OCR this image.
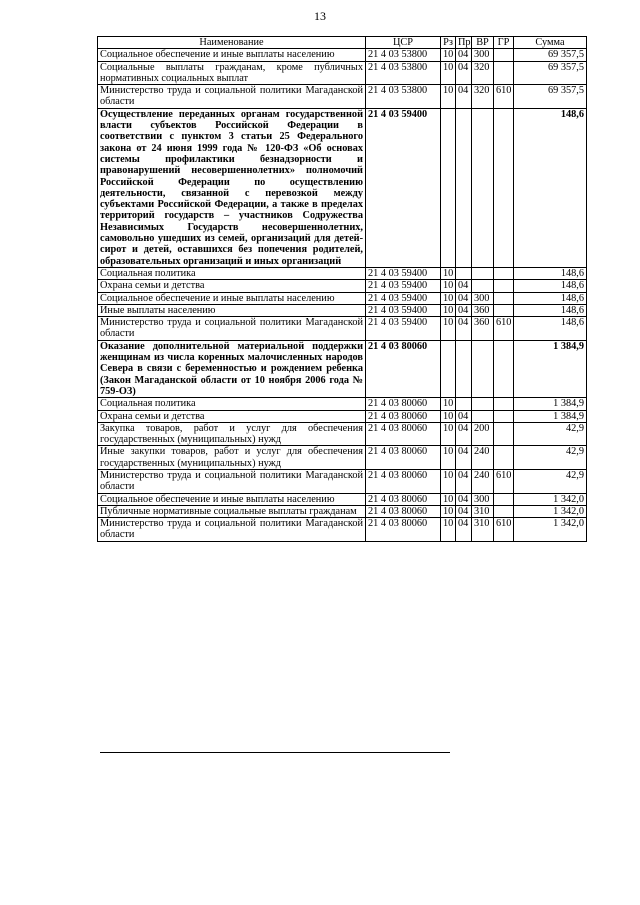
13
Наименование	ЦСР	Рз	Пр	ВР	ГР	Сумма
Социальное обеспечение и иные выплаты населению	21 4 03 53800	10	04	300		69 357,5
Социальные выплаты гражданам, кроме публичных нормативных социальных выплат	21 4 03 53800	10	04	320		69 357,5
Министерство труда и социальной политики Магаданской области	21 4 03 53800	10	04	320	610	69 357,5
Осуществление переданных органам государственной власти субъектов Российской Федерации в соответствии с пунктом 3 статьи 25 Федерального закона от 24 июня 1999 года № 120-ФЗ «Об основах системы профилактики безнадзорности и правонарушений несовершеннолетних» полномочий Российской Федерации по осуществлению деятельности, связанной с перевозкой между субъектами Российской Федерации, а также в пределах территорий государств – участников Содружества Независимых Государств несовершеннолетних, самовольно ушедших из семей, организаций для детей-сирот и детей, оставшихся без попечения родителей, образовательных организаций и иных организаций	21 4 03 59400					148,6
Социальная политика	21 4 03 59400	10				148,6
Охрана семьи и детства	21 4 03 59400	10	04			148,6
Социальное обеспечение и иные выплаты населению	21 4 03 59400	10	04	300		148,6
Иные выплаты населению	21 4 03 59400	10	04	360		148,6
Министерство труда и социальной политики Магаданской области	21 4 03 59400	10	04	360	610	148,6
Оказание дополнительной материальной поддержки женщинам из числа коренных малочисленных народов Севера в связи с беременностью и рождением ребенка (Закон Магаданской области от 10 ноября 2006 года № 759-ОЗ)	21 4 03 80060					1 384,9
Социальная политика	21 4 03 80060	10				1 384,9
Охрана семьи и детства	21 4 03 80060	10	04			1 384,9
Закупка товаров, работ и услуг для обеспечения государственных (муниципальных) нужд	21 4 03 80060	10	04	200		42,9
Иные закупки товаров, работ и услуг для обеспечения государственных (муниципальных) нужд	21 4 03 80060	10	04	240		42,9
Министерство труда и социальной политики Магаданской области	21 4 03 80060	10	04	240	610	42,9
Социальное обеспечение и иные выплаты населению	21 4 03 80060	10	04	300		1 342,0
Публичные нормативные социальные выплаты гражданам	21 4 03 80060	10	04	310		1 342,0
Министерство труда и социальной политики Магаданской области	21 4 03 80060	10	04	310	610	1 342,0
